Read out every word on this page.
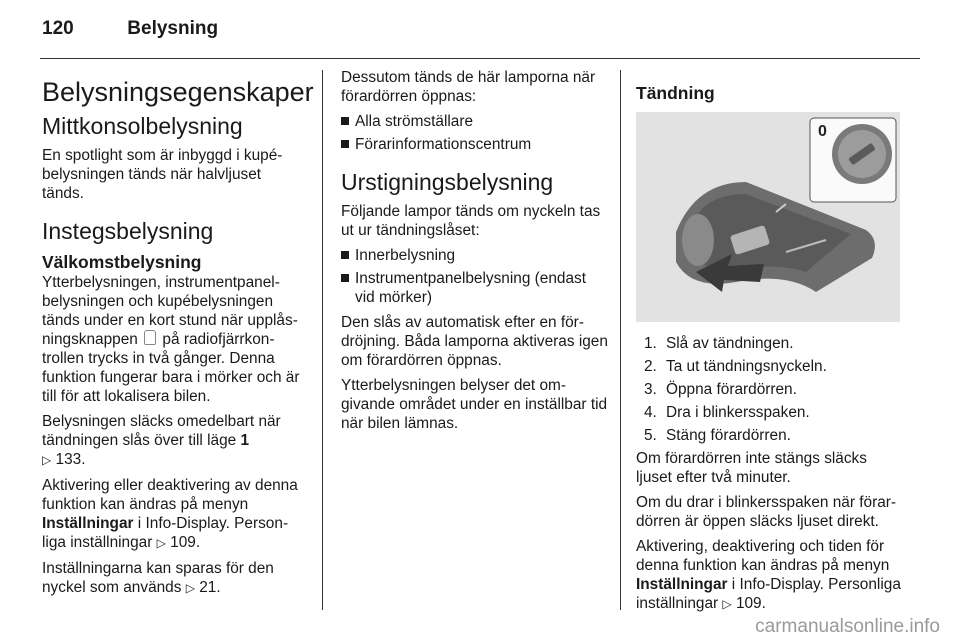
120	Belysning
Belysningsegenskaper
Mittkonsolbelysning

En spotlight som är inbyggd i kupébelysningen tänds när halvljuset tänds.

Instegsbelysning
Välkomstbelysning

Ytterbelysningen, instrumentpanelbelysningen och kupébelysningen tänds under en kort stund när upplåsningsknappen på radiofjärrkontrollen trycks in två gånger. Denna funktion fungerar bara i mörker och är till för att lokalisera bilen.

Belysningen släcks omedelbart när tändningen slås över till läge 1
▷ 133.

Aktivering eller deaktivering av denna funktion kan ändras på menyn Inställningar i Info-Display. Personliga inställningar ▷ 109.

Inställningarna kan sparas för den nyckel som används ▷ 21.

Dessutom tänds de här lamporna när förardörren öppnas:

Alla strömställare
Förarinformationscentrum
Urstigningsbelysning

Följande lampor tänds om nyckeln tas ut ur tändningslåset:

Innerbelysning
Instrumentpanelbelysning (endast vid mörker)

Den slås av automatisk efter en fördröjning. Båda lamporna aktiveras igen om förardörren öppnas.

Ytterbelysningen belyser det omgivande området under en inställbar tid när bilen lämnas.

Tändning
0
1. Slå av tändningen.
2. Ta ut tändningsnyckeln.
3. Öppna förardörren.
4. Dra i blinkersspaken.
5. Stäng förardörren.

Om förardörren inte stängs släcks ljuset efter två minuter.

Om du drar i blinkersspaken när förardörren är öppen släcks ljuset direkt.

Aktivering, deaktivering och tiden för denna funktion kan ändras på menyn Inställningar i Info-Display. Personliga inställningar ▷ 109.

carmanualsonline.info
